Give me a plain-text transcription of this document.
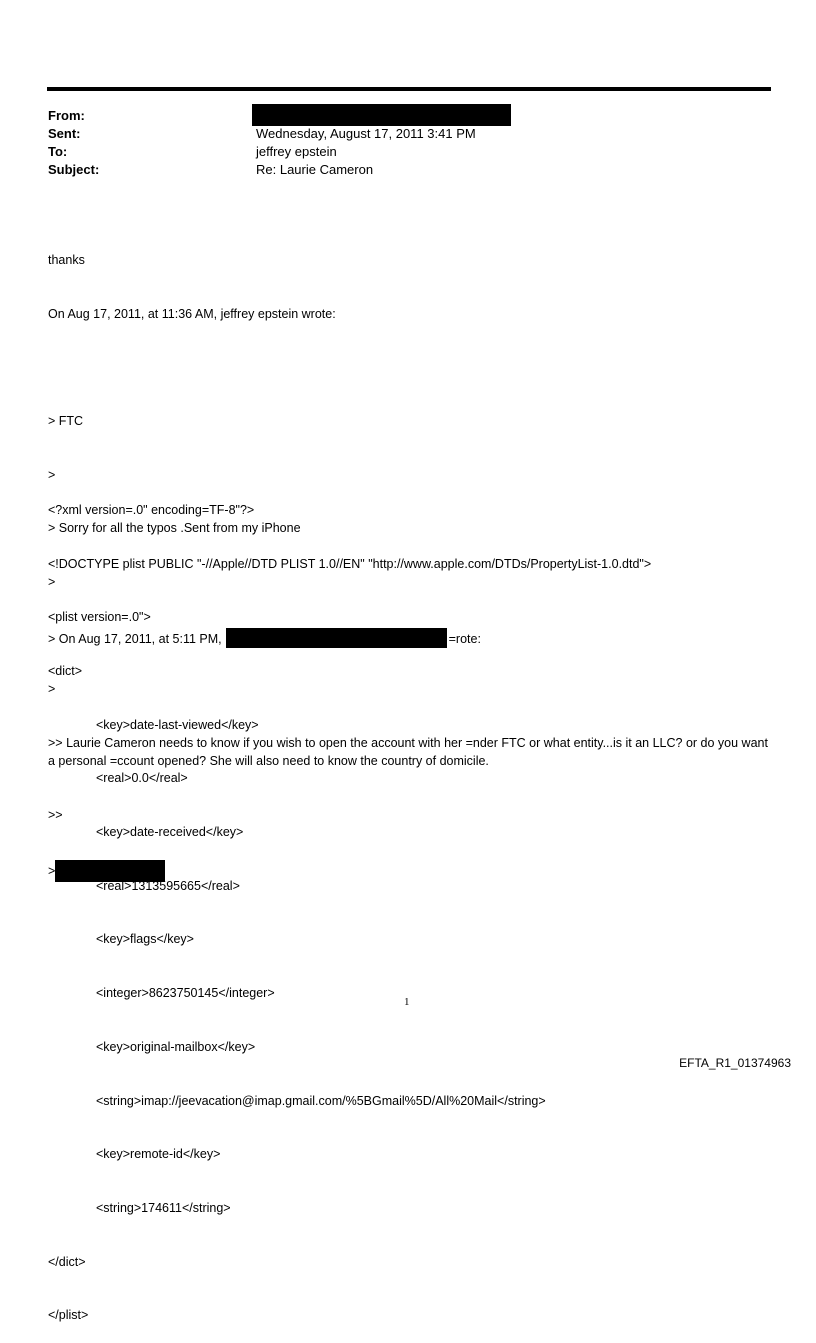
From:
Sent:	Wednesday, August 17, 2011 3:41 PM
To:	jeffrey epstein
Subject:	Re: Laurie Cameron

thanks

On Aug 17, 2011, at 11:36 AM, jeffrey epstein wrote:

> FTC

>

> Sorry for all the typos .Sent from my iPhone

>

> On Aug 17, 2011, at 5:11 PM,	=rote:

>

>> Laurie Cameron needs to know if you wish to open the account with her =nder FTC or what entity...is it an LLC? or do you want a personal =ccount opened? She will also need to know the country of domicile.

>>

>

<?xml version=.0" encoding=TF-8"?>

<!DOCTYPE plist PUBLIC "-//Apple//DTD PLIST 1.0//EN" "http://www.apple.com/DTDs/PropertyList-1.0.dtd">

<plist version=.0">

<dict>

<key>date-last-viewed</key>

<real>0.0</real>

<key>date-received</key>

<real>1313595665</real>

<key>flags</key>

<integer>8623750145</integer>

<key>original-mailbox</key>

<string>imap://jeevacation@imap.gmail.com/%5BGmail%5D/All%20Mail</string>

<key>remote-id</key>

<string>174611</string>

</dict>

</plist>

1
EFTA_R1_01374963
